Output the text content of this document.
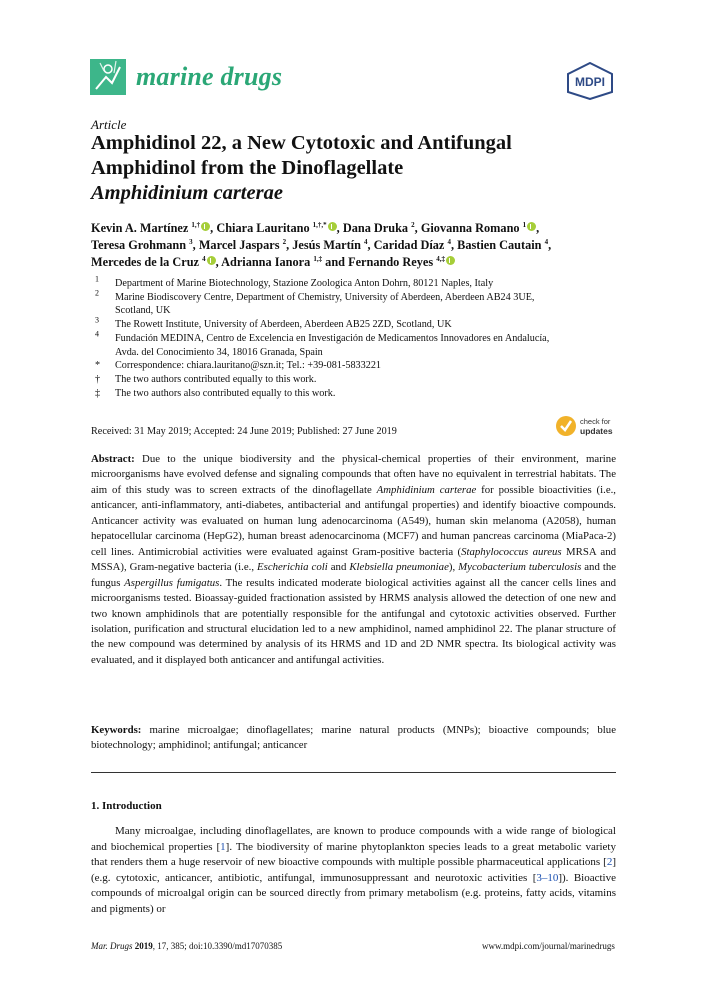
marine drugs	MDPI
Article
Amphidinol 22, a New Cytotoxic and Antifungal
Amphidinol from the Dinoflagellate
Amphidinium carterae
Kevin A. Martínez $^{1,\dagger}$ , Chiara Lauritano $^{1,\dagger,*}$ , Dana Druka $^2$, Giovanna Romano $^1$ ,
Teresa Grohmann $^3$, Marcel Jaspars $^2$, Jesús Martín $^4$, Caridad Díaz $^4$, Bastien Cautain $^4$,
Mercedes de la Cruz $^4$ , Adrianna Ianora $^{1,\ddagger}$ and Fernando Reyes $^{4,\ddagger}$
$^1$	Department of Marine Biotechnology, Stazione Zoologica Anton Dohrn, 80121 Naples, Italy
$^2$	Marine Biodiscovery Centre, Department of Chemistry, University of Aberdeen, Aberdeen AB24 3UE,
Scotland, UK
$^3$	The Rowett Institute, University of Aberdeen, Aberdeen AB25 2ZD, Scotland, UK
$^4$	Fundación MEDINA, Centro de Excelencia en Investigación de Medicamentos Innovadores en Andalucía,
Avda. del Conocimiento 34, 18016 Granada, Spain
*	Correspondence: chiara.lauritano@szn.it; Tel.: +39-081-5833221
†	The two authors contributed equally to this work.
‡	The two authors also contributed equally to this work.
Received: 31 May 2019; Accepted: 24 June 2019; Published: 27 June 2019
check for
updates
Abstract: Due to the unique biodiversity and the physical-chemical properties of their environment, marine microorganisms have evolved defense and signaling compounds that often have no equivalent in terrestrial habitats. The aim of this study was to screen extracts of the dinoflagellate Amphidinium carterae for possible bioactivities (i.e., anticancer, anti-inflammatory, anti-diabetes, antibacterial and antifungal properties) and identify bioactive compounds. Anticancer activity was evaluated on human lung adenocarcinoma (A549), human skin melanoma (A2058), human hepatocellular carcinoma (HepG2), human breast adenocarcinoma (MCF7) and human pancreas carcinoma (MiaPaca-2) cell lines. Antimicrobial activities were evaluated against Gram-positive bacteria (Staphylococcus aureus MRSA and MSSA), Gram-negative bacteria (i.e., Escherichia coli and Klebsiella pneumoniae), Mycobacterium tuberculosis and the fungus Aspergillus fumigatus. The results indicated moderate biological activities against all the cancer cells lines and microorganisms tested. Bioassay-guided fractionation assisted by HRMS analysis allowed the detection of one new and two known amphidinols that are potentially responsible for the antifungal and cytotoxic activities observed. Further isolation, purification and structural elucidation led to a new amphidinol, named amphidinol 22. The planar structure of the new compound was determined by analysis of its HRMS and 1D and 2D NMR spectra. Its biological activity was evaluated, and it displayed both anticancer and antifungal activities.
Keywords: marine microalgae; dinoflagellates; marine natural products (MNPs); bioactive compounds; blue biotechnology; amphidinol; antifungal; anticancer
1. Introduction
Many microalgae, including dinoflagellates, are known to produce compounds with a wide range of biological and biochemical properties [1]. The biodiversity of marine phytoplankton species leads to a great metabolic variety that renders them a huge reservoir of new bioactive compounds with multiple possible pharmaceutical applications [2] (e.g. cytotoxic, anticancer, antibiotic, antifungal, immunosuppressant and neurotoxic activities [3–10]). Bioactive compounds of microalgal origin can be sourced directly from primary metabolism (e.g. proteins, fatty acids, vitamins and pigments) or
Mar. Drugs 2019, 17, 385; doi:10.3390/md17070385	www.mdpi.com/journal/marinedrugs
